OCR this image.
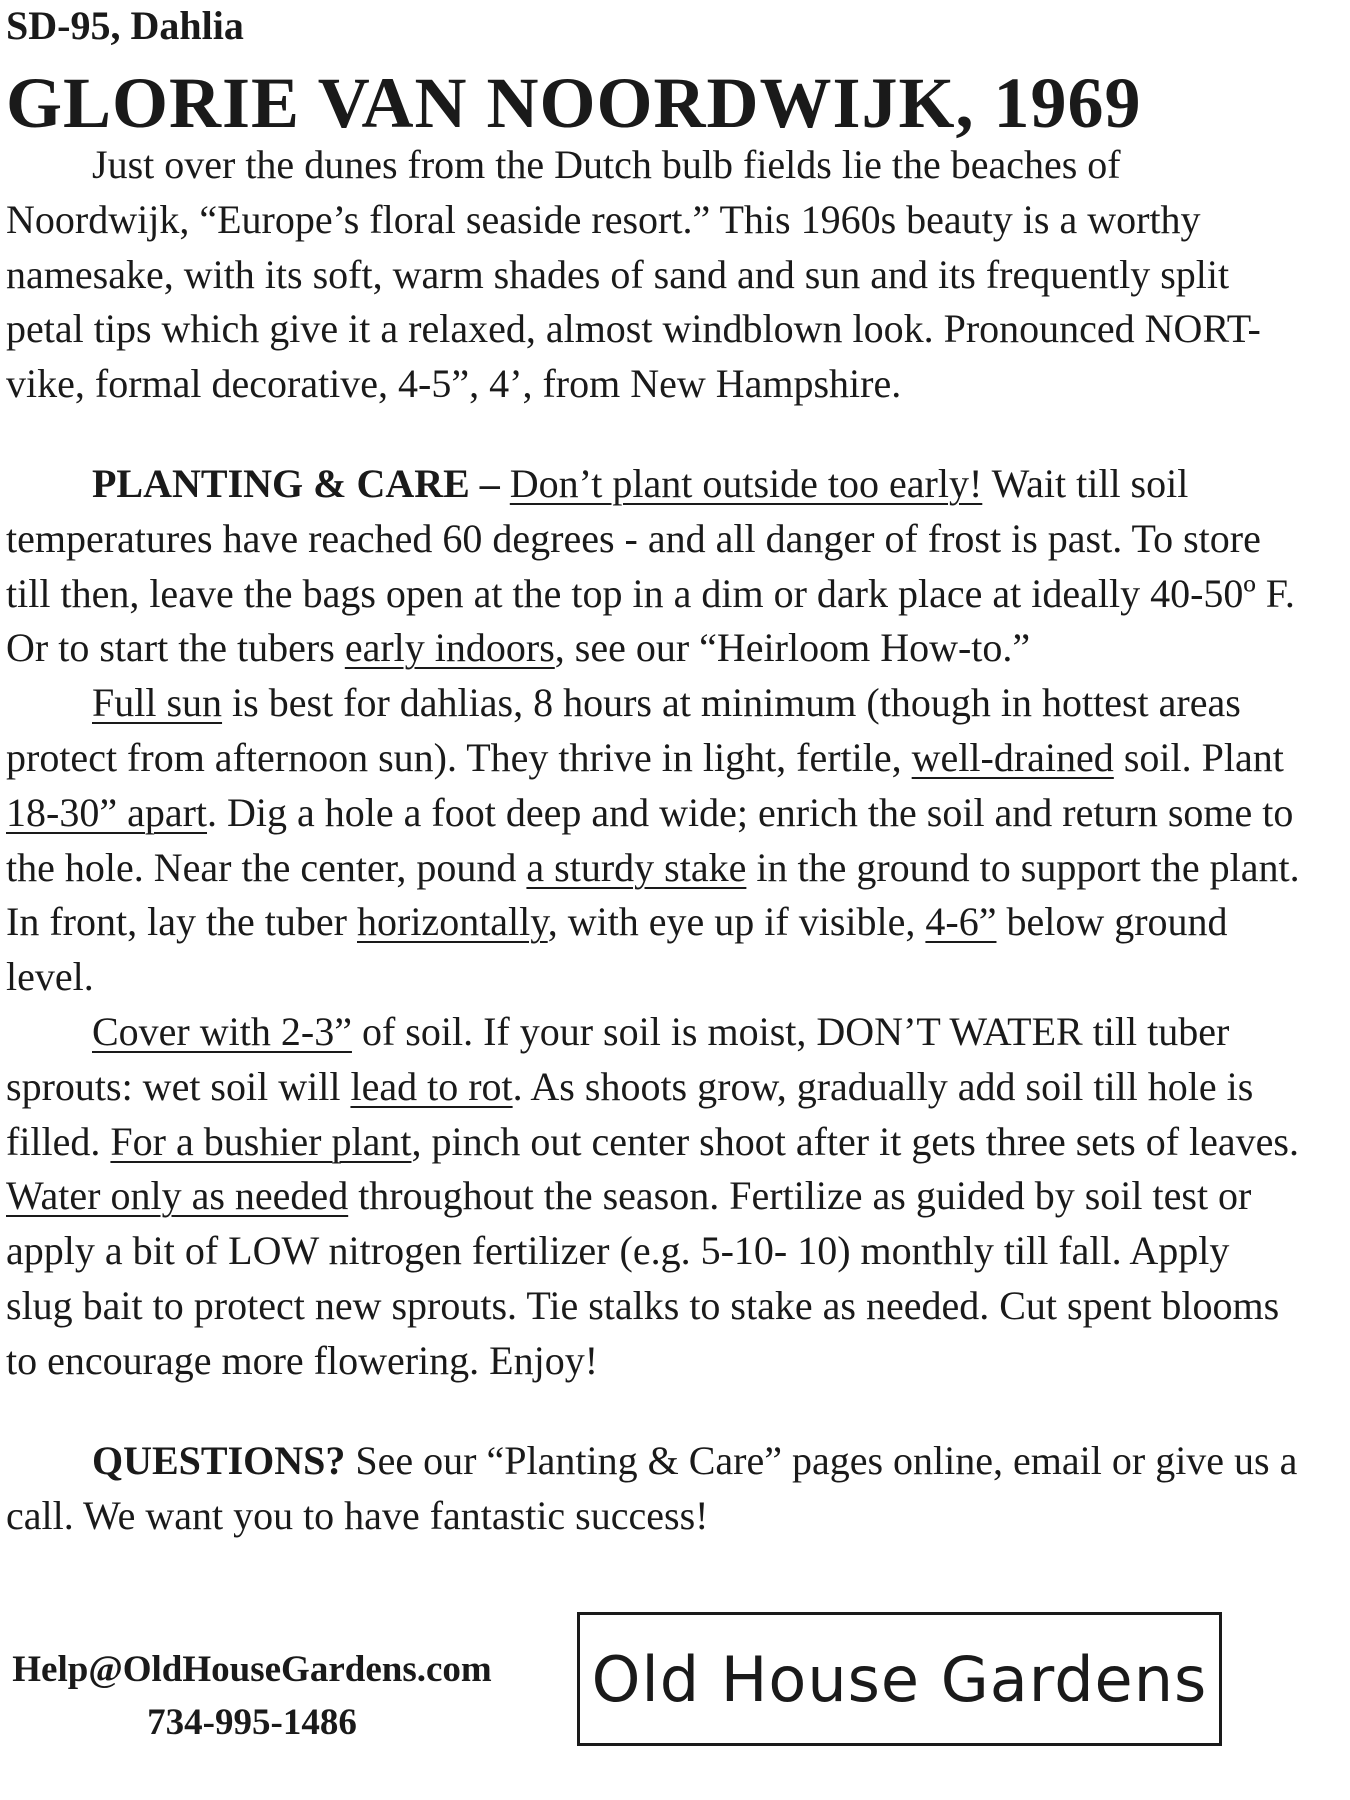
SD-95, Dahlia
GLORIE VAN NOORDWIJK, 1969

Just over the dunes from the Dutch bulb fields lie the beaches of Noordwijk, “Europe’s floral seaside resort.” This 1960s beauty is a worthy namesake, with its soft, warm shades of sand and sun and its frequently split petal tips which give it a relaxed, almost windblown look. Pronounced NORT-vike, formal decorative, 4-5”, 4’, from New Hampshire.

PLANTING & CARE – Don’t plant outside too early! Wait till soil temperatures have reached 60 degrees - and all danger of frost is past. To store till then, leave the bags open at the top in a dim or dark place at ideally 40-50º F. Or to start the tubers early indoors, see our “Heirloom How-to.”
Full sun is best for dahlias, 8 hours at minimum (though in hottest areas protect from afternoon sun). They thrive in light, fertile, well-drained soil. Plant 18-30” apart. Dig a hole a foot deep and wide; enrich the soil and return some to the hole. Near the center, pound a sturdy stake in the ground to support the plant. In front, lay the tuber horizontally, with eye up if visible, 4-6” below ground level.
Cover with 2-3” of soil. If your soil is moist, DON’T WATER till tuber sprouts: wet soil will lead to rot. As shoots grow, gradually add soil till hole is filled. For a bushier plant, pinch out center shoot after it gets three sets of leaves. Water only as needed throughout the season. Fertilize as guided by soil test or apply a bit of LOW nitrogen fertilizer (e.g. 5-10- 10) monthly till fall. Apply slug bait to protect new sprouts. Tie stalks to stake as needed. Cut spent blooms to encourage more flowering. Enjoy!

QUESTIONS? See our “Planting & Care” pages online, email or give us a call. We want you to have fantastic success!

Help@OldHouseGardens.com
734-995-1486
Old House Gardens
